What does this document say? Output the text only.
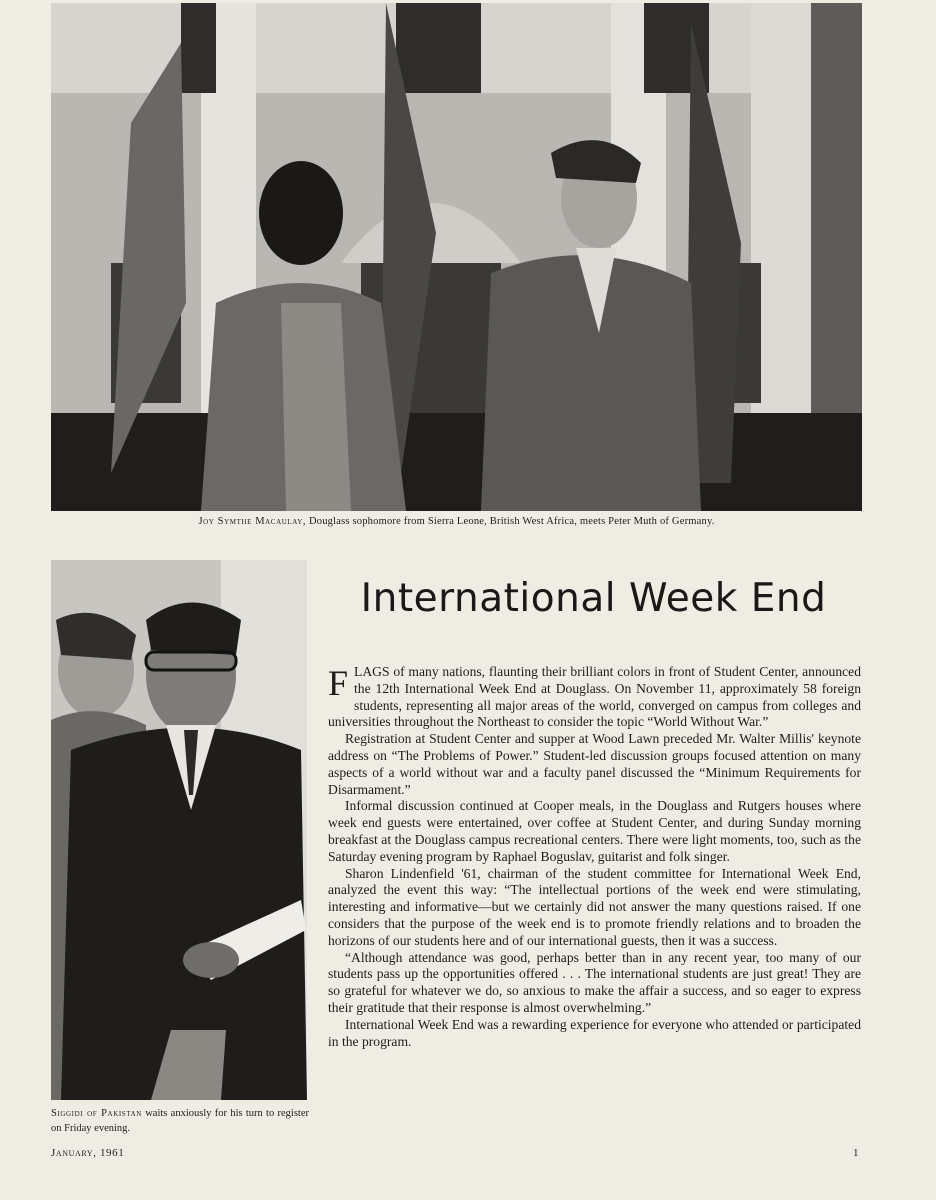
Joy Symthe Macaulay, Douglass sophomore from Sierra Leone, British West Africa, meets Peter Muth of Germany.
Siggidi of Pakistan waits anxiously for his turn to register on Friday evening.
International Week End

FLAGS of many nations, flaunting their brilliant colors in front of Student Center, announced the 12th International Week End at Douglass. On November 11, approximately 58 foreign students, representing all major areas of the world, converged on campus from colleges and universities throughout the Northeast to consider the topic “World Without War.”

Registration at Student Center and supper at Wood Lawn preceded Mr. Walter Millis' keynote address on “The Problems of Power.” Student-led discussion groups focused attention on many aspects of a world without war and a faculty panel discussed the “Minimum Requirements for Disarmament.”

Informal discussion continued at Cooper meals, in the Douglass and Rutgers houses where week end guests were entertained, over coffee at Student Center, and during Sunday morning breakfast at the Douglass campus recreational centers. There were light moments, too, such as the Saturday evening program by Raphael Boguslav, guitarist and folk singer.

Sharon Lindenfield '61, chairman of the student committee for International Week End, analyzed the event this way: “The intellectual portions of the week end were stimulating, interesting and informative—but we certainly did not answer the many questions raised. If one considers that the purpose of the week end is to promote friendly relations and to broaden the horizons of our students here and of our international guests, then it was a success.

“Although attendance was good, perhaps better than in any recent year, too many of our students pass up the opportunities offered . . . The international students are just great! They are so grateful for whatever we do, so anxious to make the affair a success, and so eager to express their gratitude that their response is almost overwhelming.”

International Week End was a rewarding experience for everyone who attended or participated in the program.

January, 1961	1
